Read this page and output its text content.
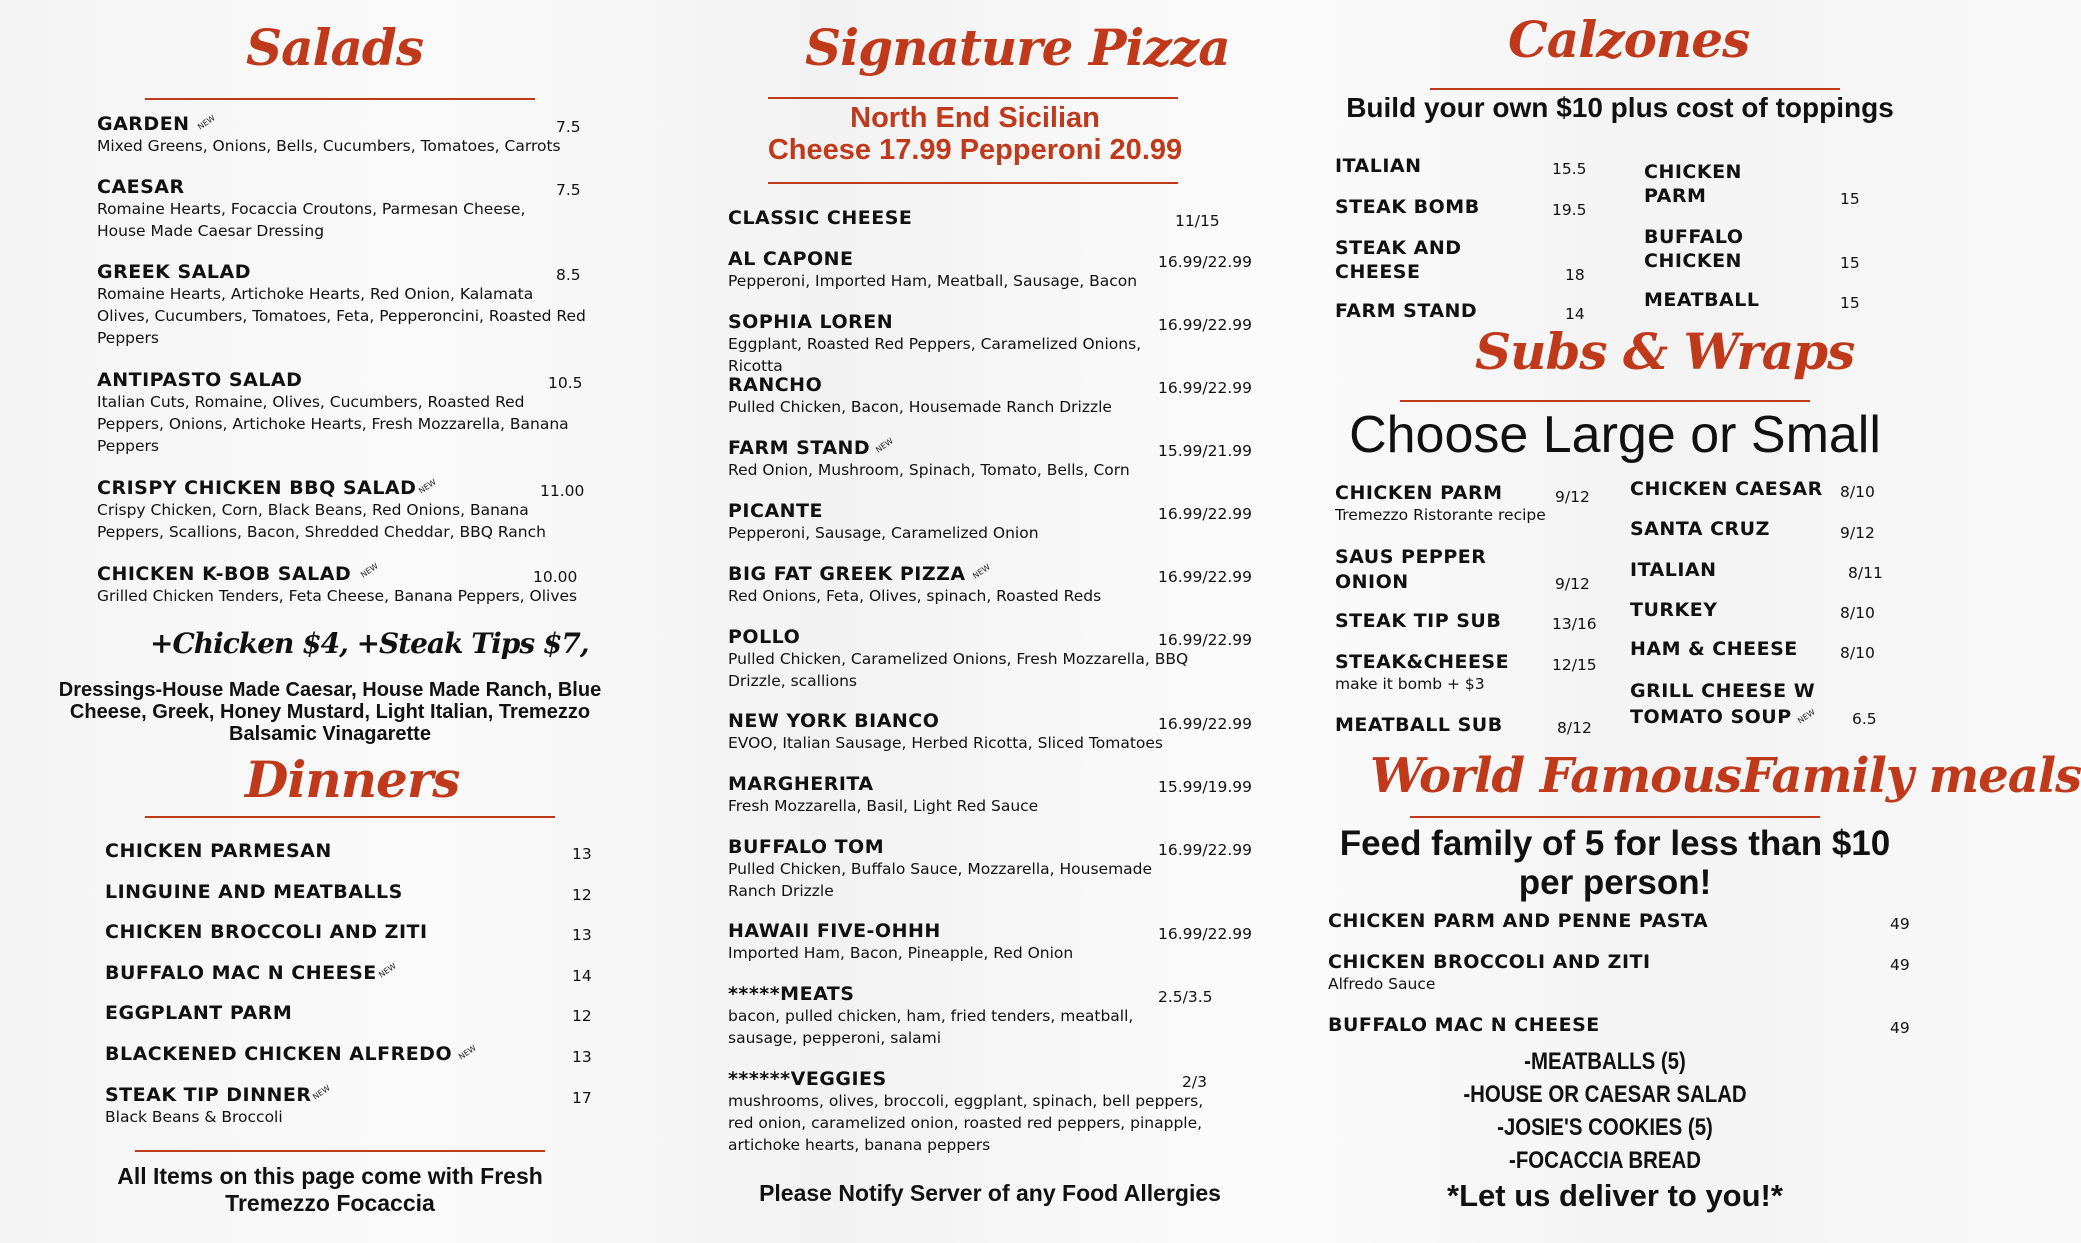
Salads
GARDEN
Mixed Greens, Onions, Bells, Cucumbers, Tomatoes, Carrots
NEW	7.5
CAESAR
Romaine Hearts, Focaccia Croutons, Parmesan Cheese, House Made Caesar Dressing
7.5
GREEK SALAD
Romaine Hearts, Artichoke Hearts, Red Onion, Kalamata Olives, Cucumbers, Tomatoes, Feta, Pepperoncini, Roasted Red Peppers
8.5
ANTIPASTO SALAD
Italian Cuts, Romaine, Olives, Cucumbers, Roasted Red Peppers, Onions, Artichoke Hearts, Fresh Mozzarella, Banana Peppers
10.5
CRISPY CHICKEN BBQ SALAD
Crispy Chicken, Corn, Black Beans, Red Onions, Banana Peppers, Scallions, Bacon, Shredded Cheddar, BBQ Ranch
NEW	11.00
CHICKEN K-BOB SALAD
Grilled Chicken Tenders, Feta Cheese, Banana Peppers, Olives
NEW	10.00
+Chicken $4, +Steak Tips $7,
Dressings-House Made Caesar, House Made Ranch, Blue
Cheese, Greek, Honey Mustard, Light Italian, Tremezzo
Balsamic Vinagarette
Dinners
CHICKEN PARMESAN	13
LINGUINE AND MEATBALLS	12
CHICKEN BROCCOLI AND ZITI	13
BUFFALO MAC N CHEESE NEW	14
EGGPLANT PARM	12
BLACKENED CHICKEN ALFREDO NEW	13
STEAK TIP DINNER
Black Beans & Broccoli
NEW	17
All Items on this page come with Fresh
Tremezzo Focaccia
Signature Pizza
North End Sicilian
Cheese 17.99 Pepperoni 20.99
CLASSIC CHEESE	11/15
AL CAPONE
Pepperoni, Imported Ham, Meatball, Sausage, Bacon
16.99/22.99
SOPHIA LOREN
Eggplant, Roasted Red Peppers, Caramelized Onions, Ricotta
16.99/22.99
RANCHO
Pulled Chicken, Bacon, Housemade Ranch Drizzle
16.99/22.99
FARM STAND
Red Onion, Mushroom, Spinach, Tomato, Bells, Corn
NEW	15.99/21.99
PICANTE
Pepperoni, Sausage, Caramelized Onion
16.99/22.99
BIG FAT GREEK PIZZA
Red Onions, Feta, Olives, spinach, Roasted Reds
NEW	16.99/22.99
POLLO
Pulled Chicken, Caramelized Onions, Fresh Mozzarella, BBQ Drizzle, scallions
16.99/22.99
NEW YORK BIANCO
EVOO, Italian Sausage, Herbed Ricotta, Sliced Tomatoes
16.99/22.99
MARGHERITA
Fresh Mozzarella, Basil, Light Red Sauce
15.99/19.99
BUFFALO TOM
Pulled Chicken, Buffalo Sauce, Mozzarella, Housemade Ranch Drizzle
16.99/22.99
HAWAII FIVE-OHHH
Imported Ham, Bacon, Pineapple, Red Onion
16.99/22.99
*****MEATS
bacon, pulled chicken, ham, fried tenders, meatball, sausage, pepperoni, salami
2.5/3.5
******VEGGIES
mushrooms, olives, broccoli, eggplant, spinach, bell peppers, red onion, caramelized onion, roasted red peppers, pinapple, artichoke hearts, banana peppers
2/3
Please Notify Server of any Food Allergies
Calzones
Build your own $10 plus cost of toppings
ITALIAN	15.5
STEAK BOMB	19.5
STEAK AND CHEESE	18
FARM STAND	14
CHICKEN PARM	15
BUFFALO CHICKEN	15
MEATBALL	15
Subs & Wraps
Choose Large or Small
CHICKEN PARM
Tremezzo Ristorante recipe
9/12
SAUS PEPPER ONION	9/12
STEAK TIP SUB	13/16
STEAK&CHEESE
make it bomb + $3
12/15
MEATBALL SUB	8/12
CHICKEN CAESAR 8/10
SANTA CRUZ	9/12
ITALIAN	8/11
TURKEY	8/10
HAM & CHEESE	8/10
GRILL CHEESE W TOMATO SOUP NEW 6.5
World FamousFamily meals
Feed family of 5 for less than $10
per person!
CHICKEN PARM AND PENNE PASTA	49
CHICKEN BROCCOLI AND ZITI
Alfredo Sauce
49
BUFFALO MAC N CHEESE	49
-MEATBALLS (5)
-HOUSE OR CAESAR SALAD
-JOSIE'S COOKIES (5)
-FOCACCIA BREAD
*Let us deliver to you!*
